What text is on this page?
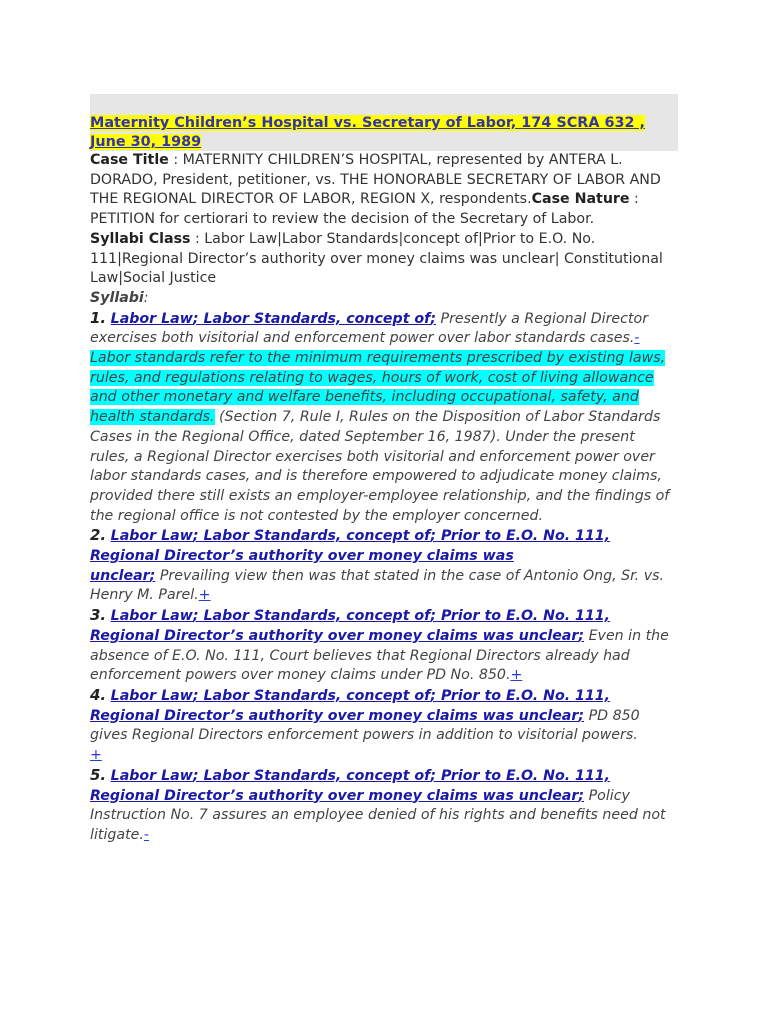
Maternity Children’s Hospital vs. Secretary of Labor, 174 SCRA 632 ,
June 30, 1989
Case Title : MATERNITY CHILDREN’S HOSPITAL, represented by ANTERA L. DORADO, President, petitioner, vs. THE HONORABLE SECRETARY OF LABOR AND THE REGIONAL DIRECTOR OF LABOR, REGION X, respondents.Case Nature : PETITION for certiorari to review the decision of the Secretary of Labor.
Syllabi Class : Labor Law|Labor Standards|concept of|Prior to E.O. No. 111|Regional Director’s authority over money claims was unclear| Constitutional Law|Social Justice
Syllabi:
1. Labor Law; Labor Standards, concept of; Presently a Regional Director exercises both visitorial and enforcement power over labor standards cases.-
Labor standards refer to the minimum requirements prescribed by existing laws, rules, and regulations relating to wages, hours of work, cost of living allowance and other monetary and welfare benefits, including occupational, safety, and health standards. (Section 7, Rule I, Rules on the Disposition of Labor Standards Cases in the Regional Office, dated September 16, 1987). Under the present rules, a Regional Director exercises both visitorial and enforcement power over labor standards cases, and is therefore empowered to adjudicate money claims, provided there still exists an employer-employee relationship, and the findings of the regional office is not contested by the employer concerned.
2. Labor Law; Labor Standards, concept of; Prior to E.O. No. 111,
Regional Director’s authority over money claims was
unclear; Prevailing view then was that stated in the case of Antonio Ong, Sr. vs. Henry M. Parel.+
3. Labor Law; Labor Standards, concept of; Prior to E.O. No. 111,
Regional Director’s authority over money claims was unclear; Even in the absence of E.O. No. 111, Court believes that Regional Directors already had enforcement powers over money claims under PD No. 850.+
4. Labor Law; Labor Standards, concept of; Prior to E.O. No. 111,
Regional Director’s authority over money claims was unclear; PD 850 gives Regional Directors enforcement powers in addition to visitorial powers.
+
5. Labor Law; Labor Standards, concept of; Prior to E.O. No. 111,
Regional Director’s authority over money claims was unclear; Policy Instruction No. 7 assures an employee denied of his rights and benefits need not litigate.-
